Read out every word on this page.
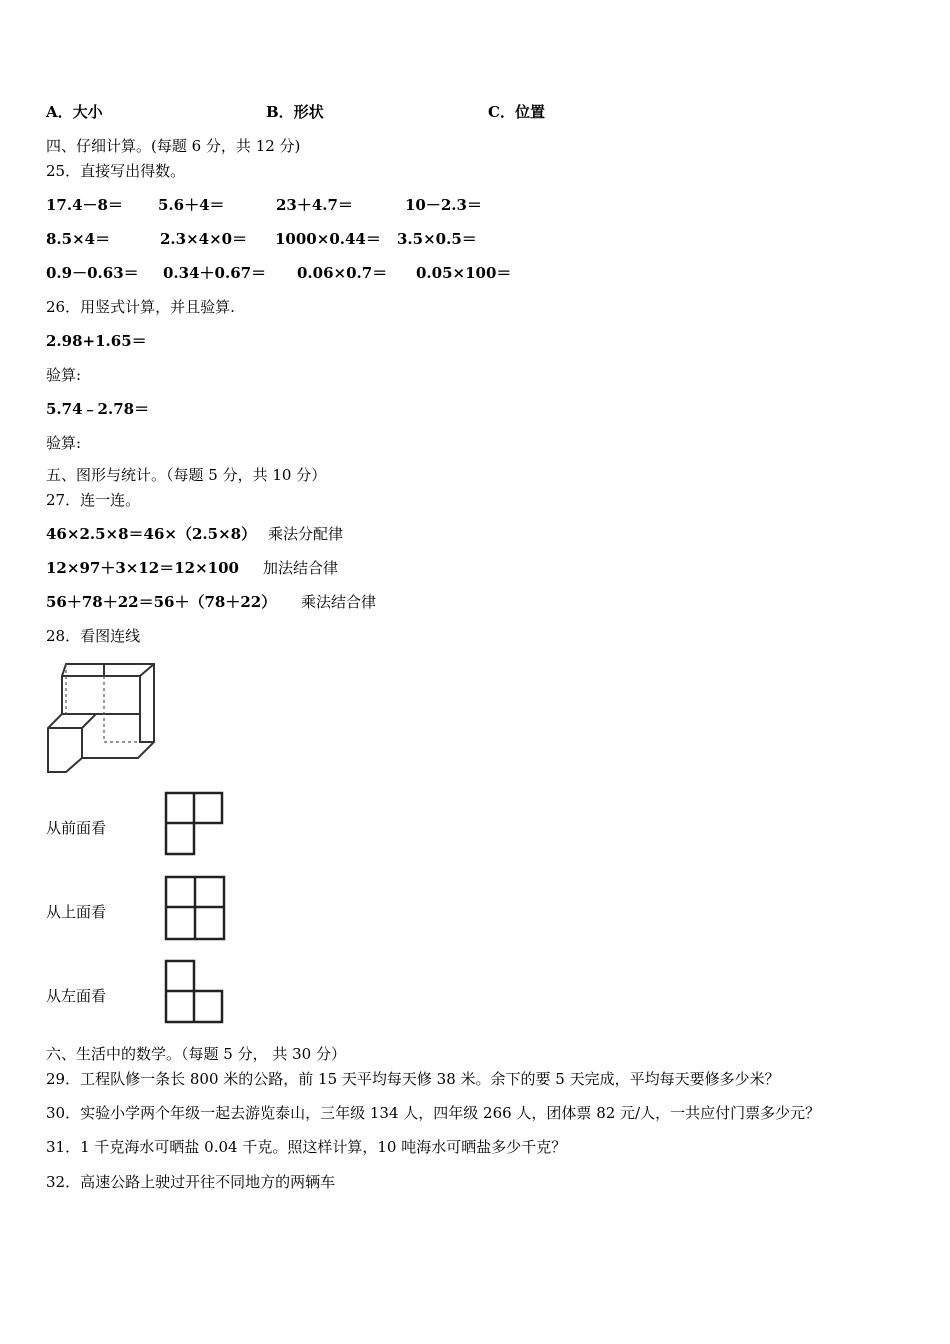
A．大小	B．形状	C．位置
四、仔细计算。(每题 6 分，共 12 分)
25．直接写出得数。
17.4－8＝ 5.6＋4＝	23＋4.7＝	10－2.3＝
8.5×4＝	2.3×4×0＝ 1000×0.44＝ 3.5×0.5＝
0.9－0.63＝ 0.34＋0.67＝ 0.06×0.7＝ 0.05×100＝
26．用竖式计算，并且验算.
2.98+1.65＝
验算:
5.74﹣2.78＝
验算:
五、图形与统计。（每题 5 分，共 10 分）
27．连一连。
46×2.5×8＝46×（2.5×8） 乘法分配律
12×97＋3×12＝12×100 加法结合律
56＋78＋22＝56＋（78＋22） 乘法结合律
28．看图连线
从前面看
从上面看
从左面看
六、生活中的数学。（每题 5 分， 共 30 分）
29．工程队修一条长 800 米的公路，前 15 天平均每天修 38 米。余下的要 5 天完成，平均每天要修多少米？
30．实验小学两个年级一起去游览泰山，三年级 134 人，四年级 266 人，团体票 82 元/人，一共应付门票多少元？
31．1 千克海水可晒盐 0.04 千克。照这样计算，10 吨海水可晒盐多少千克？
32．高速公路上驶过开往不同地方的两辆车
